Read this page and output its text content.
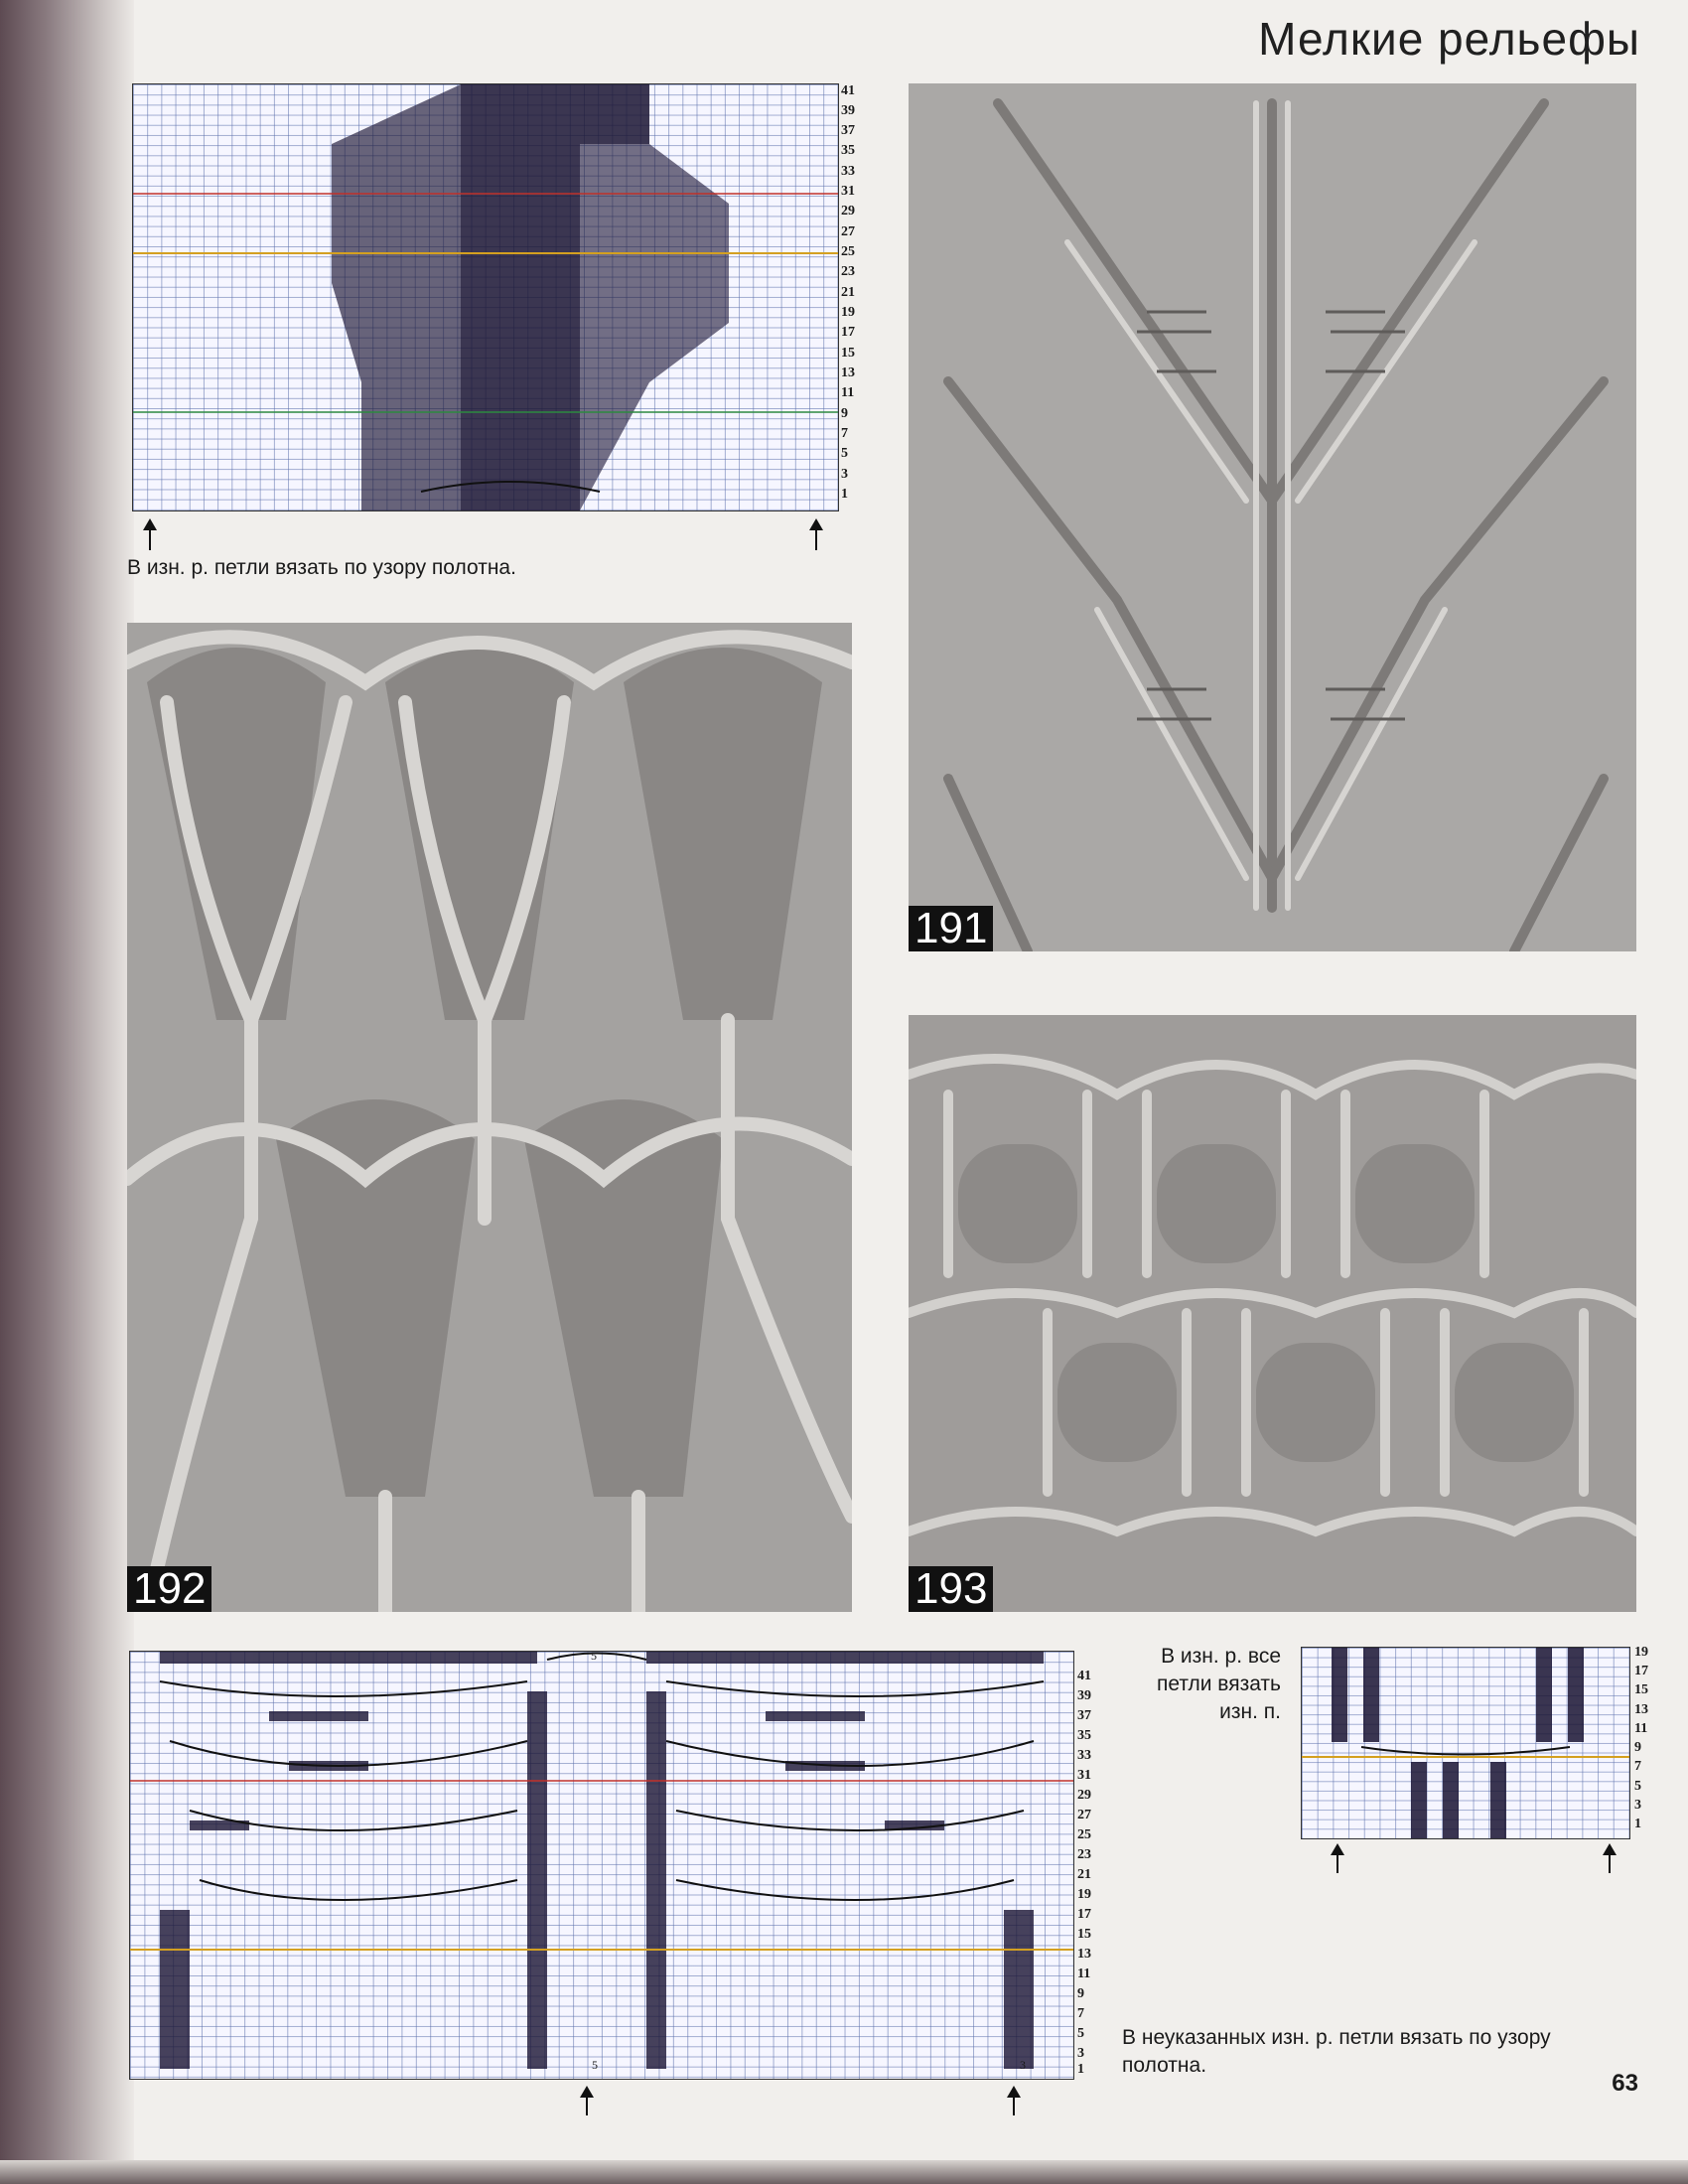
Мелкие рельефы
41
39
37
35
33
31
29
27
25
23
21
19
17
15
13
11
9
7
5
3
1
В изн. р. петли вязать по узору полотна.
191
192	193
41
39
37
35
33
31
29
27
25
23
21
19
17
15
13
11
9
7
5
3
1
5
5	3
В неуказанных изн. р. петли вязать по узору полотна.
В изн. р. все петли вязать изн. п.
19
17
15
13
11
9
7
5
3
1
63
